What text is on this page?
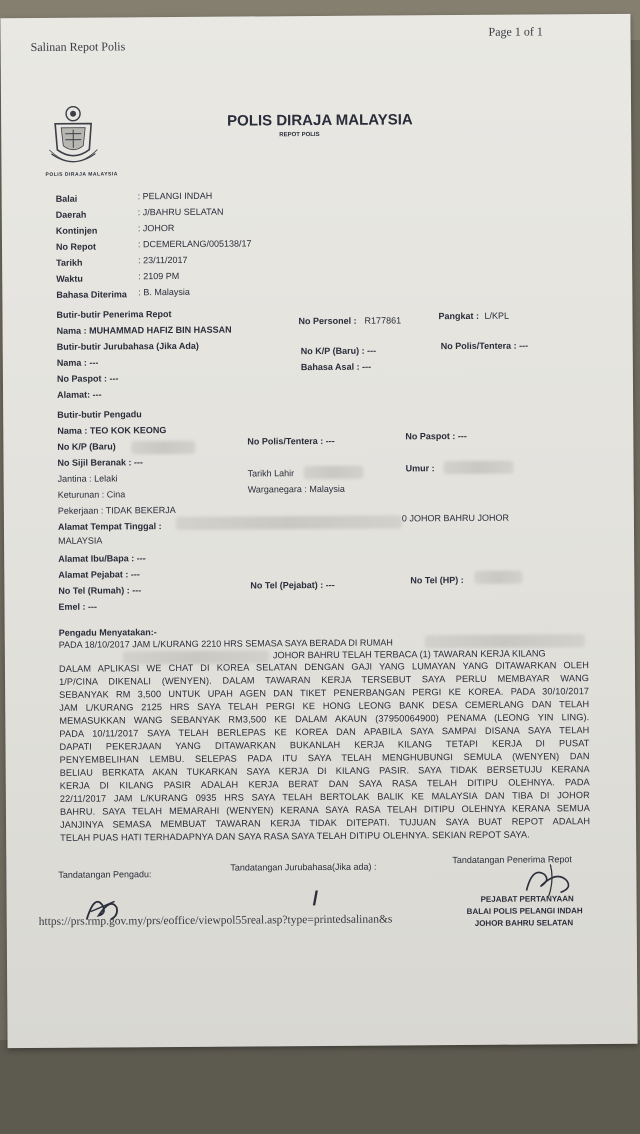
Salinan Repot Polis
Page 1 of 1
POLIS DIRAJA MALAYSIA
POLIS DIRAJA MALAYSIA
REPOT POLIS
Balai	: PELANGI INDAH
Daerah	: J/BAHRU SELATAN
Kontinjen	: JOHOR
No Repot	: DCEMERLANG/005138/17
Tarikh	: 23/11/2017
Waktu	: 2109 PM
Bahasa Diterima : B. Malaysia
Butir-butir Penerima Repot
Nama : MUHAMMAD HAFIZ BIN HASSAN
No Personel : R177861	Pangkat : L/KPL
Butir-butir Jurubahasa (Jika Ada)
Nama : ---
No K/P (Baru) : ---	No Polis/Tentera : ---
No Paspot : ---
Bahasa Asal : ---
Alamat: ---
Butir-butir Pengadu
Nama : TEO KOK KEONG
No K/P (Baru)
No Polis/Tentera : ---	No Paspot : ---
No Sijil Beranak : ---
Jantina : Lelaki
Tarikh Lahir	Umur :
Keturunan : Cina
Warganegara : Malaysia
Pekerjaan : TIDAK BEKERJA
Alamat Tempat Tinggal :
0 JOHOR BAHRU JOHOR
MALAYSIA
Alamat Ibu/Bapa : ---
Alamat Pejabat : ---
No Tel (Rumah) : ---
No Tel (Pejabat) : ---	No Tel (HP) :
Emel : ---
Pengadu Menyatakan:-
PADA 18/10/2017 JAM L/KURANG 2210 HRS SEMASA SAYA BERADA DI RUMAH
JOHOR BAHRU TELAH TERBACA (1) TAWARAN KERJA KILANG
DALAM APLIKASI WE CHAT DI KOREA SELATAN DENGAN GAJI YANG LUMAYAN YANG DITAWARKAN OLEH
1/P/CINA DIKENALI (WENYEN). DALAM TAWARAN KERJA TERSEBUT SAYA PERLU MEMBAYAR WANG
SEBANYAK RM 3,500 UNTUK UPAH AGEN DAN TIKET PENERBANGAN PERGI KE KOREA. PADA 30/10/2017
JAM L/KURANG 2125 HRS SAYA TELAH PERGI KE HONG LEONG BANK DESA CEMERLANG DAN TELAH
MEMASUKKAN WANG SEBANYAK RM3,500 KE DALAM AKAUN (37950064900) PENAMA (LEONG YIN LING).
PADA 10/11/2017 SAYA TELAH BERLEPAS KE KOREA DAN APABILA SAYA SAMPAI DISANA SAYA TELAH
DAPATI PEKERJAAN YANG DITAWARKAN BUKANLAH KERJA KILANG TETAPI KERJA DI PUSAT
PENYEMBELIHAN LEMBU. SELEPAS PADA ITU SAYA TELAH MENGHUBUNGI SEMULA (WENYEN) DAN
BELIAU BERKATA AKAN TUKARKAN SAYA KERJA DI KILANG PASIR. SAYA TIDAK BERSETUJU KERANA
KERJA DI KILANG PASIR ADALAH KERJA BERAT DAN SAYA RASA TELAH DITIPU OLEHNYA. PADA
22/11/2017 JAM L/KURANG 0935 HRS SAYA TELAH BERTOLAK BALIK KE MALAYSIA DAN TIBA DI JOHOR
BAHRU. SAYA TELAH MEMARAHI (WENYEN) KERANA SAYA RASA TELAH DITIPU OLEHNYA KERANA SEMUA
JANJINYA SEMASA MEMBUAT TAWARAN KERJA TIDAK DITEPATI. TUJUAN SAYA BUAT REPOT ADALAH
TELAH PUAS HATI TERHADAPNYA DAN SAYA RASA SAYA TELAH DITIPU OLEHNYA. SEKIAN REPOT SAYA.
Tandatangan Pengadu:
Tandatangan Jurubahasa(Jika ada) :
Tandatangan Penerima Repot
/	PEJABAT PERTANYAAN
BALAI POLIS PELANGI INDAH
JOHOR BAHRU SELATAN
https://prs.rmp.gov.my/prs/eoffice/viewpol55real.asp?type=printedsalinan&s
